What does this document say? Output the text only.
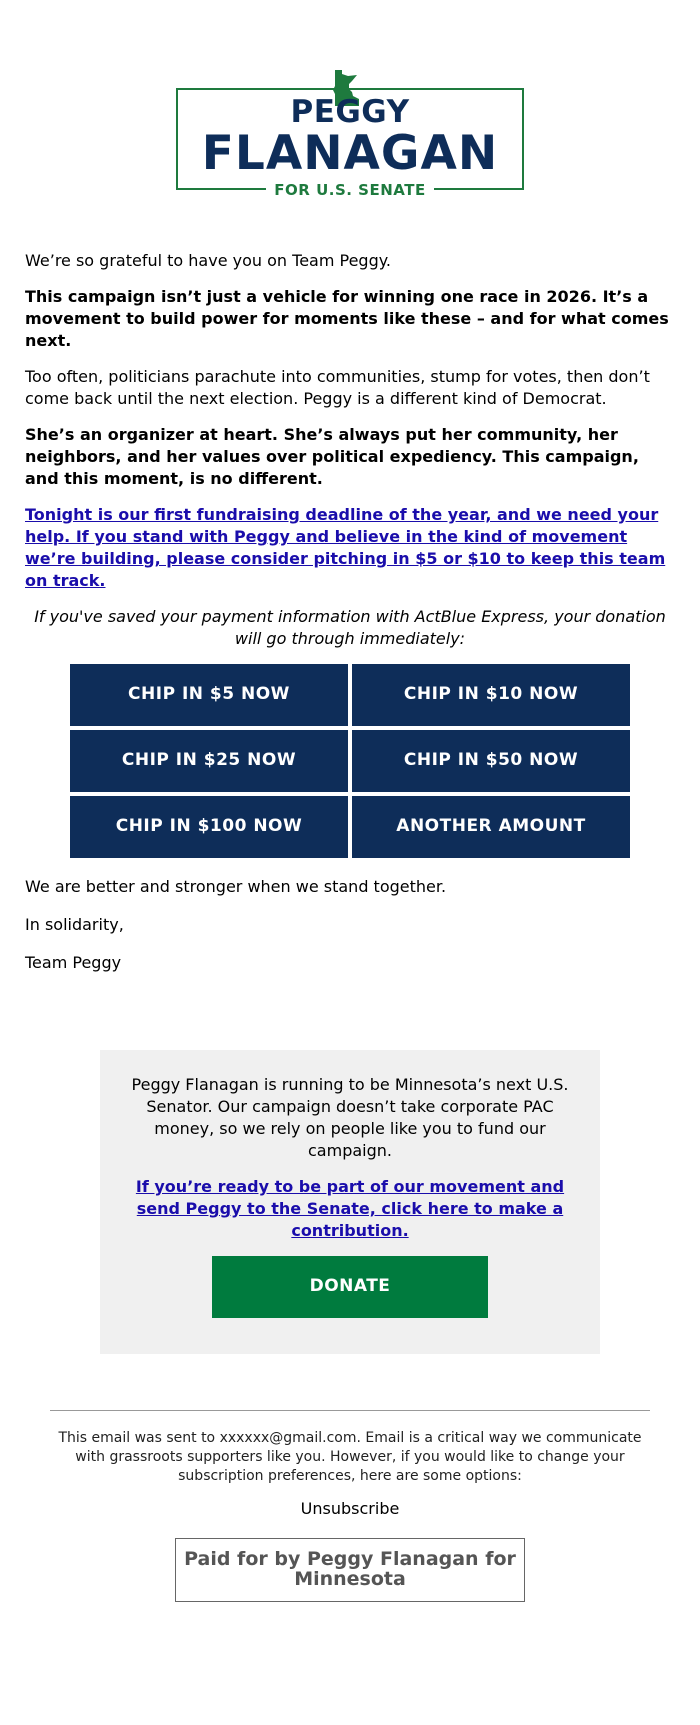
PEGGY
FLANAGAN
FOR U.S. SENATE

We’re so grateful to have you on Team Peggy.

This campaign isn’t just a vehicle for winning one race in 2026. It’s a movement to build power for moments like these – and for what comes next.

Too often, politicians parachute into communities, stump for votes, then don’t come back until the next election. Peggy is a different kind of Democrat.

She’s an organizer at heart. She’s always put her community, her neighbors, and her values over political expediency. This campaign, and this moment, is no different.

Tonight is our first fundraising deadline of the year, and we need your help. If you stand with Peggy and believe in the kind of movement we’re building, please consider pitching in $5 or $10 to keep this team on track.

If you've saved your payment information with ActBlue Express, your donation will go through immediately:

CHIP IN $5 NOW	CHIP IN $10 NOW
CHIP IN $25 NOW	CHIP IN $50 NOW
CHIP IN $100 NOW	ANOTHER AMOUNT

We are better and stronger when we stand together.

In solidarity,

Team Peggy

Peggy Flanagan is running to be Minnesota’s next U.S. Senator. Our campaign doesn’t take corporate PAC money, so we rely on people like you to fund our campaign.

If you’re ready to be part of our movement and send Peggy to the Senate, click here to make a contribution.

DONATE
This email was sent to xxxxxx@gmail.com. Email is a critical way we communicate with grassroots supporters like you. However, if you would like to change your subscription preferences, here are some options:
Unsubscribe
Paid for by Peggy Flanagan for Minnesota
